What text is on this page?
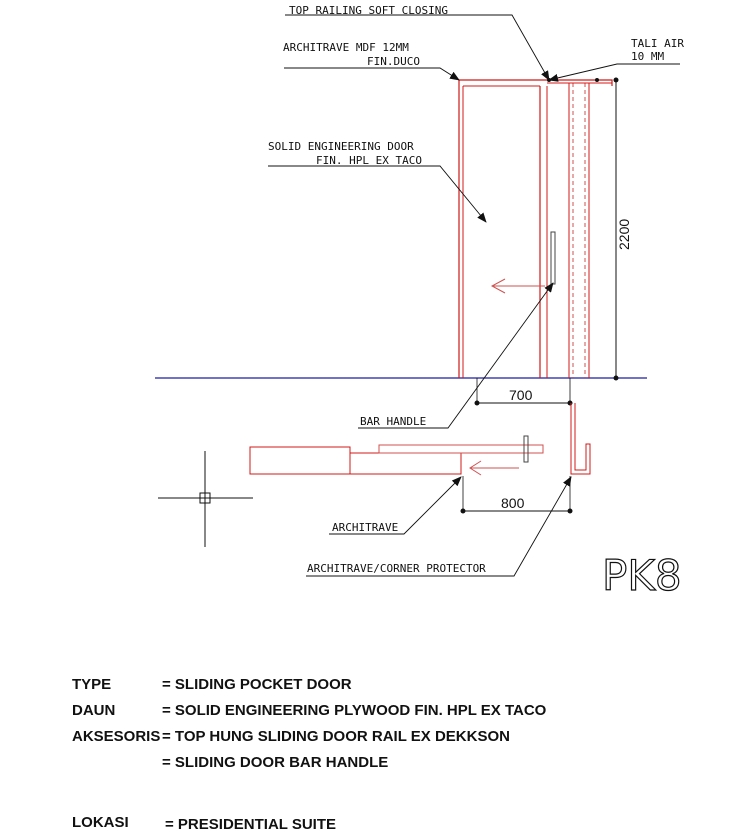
2200
700
800
TOP RAILING SOFT CLOSING
ARCHITRAVE MDF 12MM
FIN.DUCO
TALI AIR
10 MM
SOLID ENGINEERING DOOR
FIN. HPL EX TACO
BAR HANDLE
ARCHITRAVE
ARCHITRAVE/CORNER PROTECTOR	PK8
TYPE	= SLIDING POCKET DOOR
DAUN	= SOLID ENGINEERING PLYWOOD FIN. HPL EX TACO
AKSESORIS = TOP HUNG SLIDING DOOR RAIL EX DEKKSON
= SLIDING DOOR BAR HANDLE
LOKASI = PRESIDENTIAL SUITE
